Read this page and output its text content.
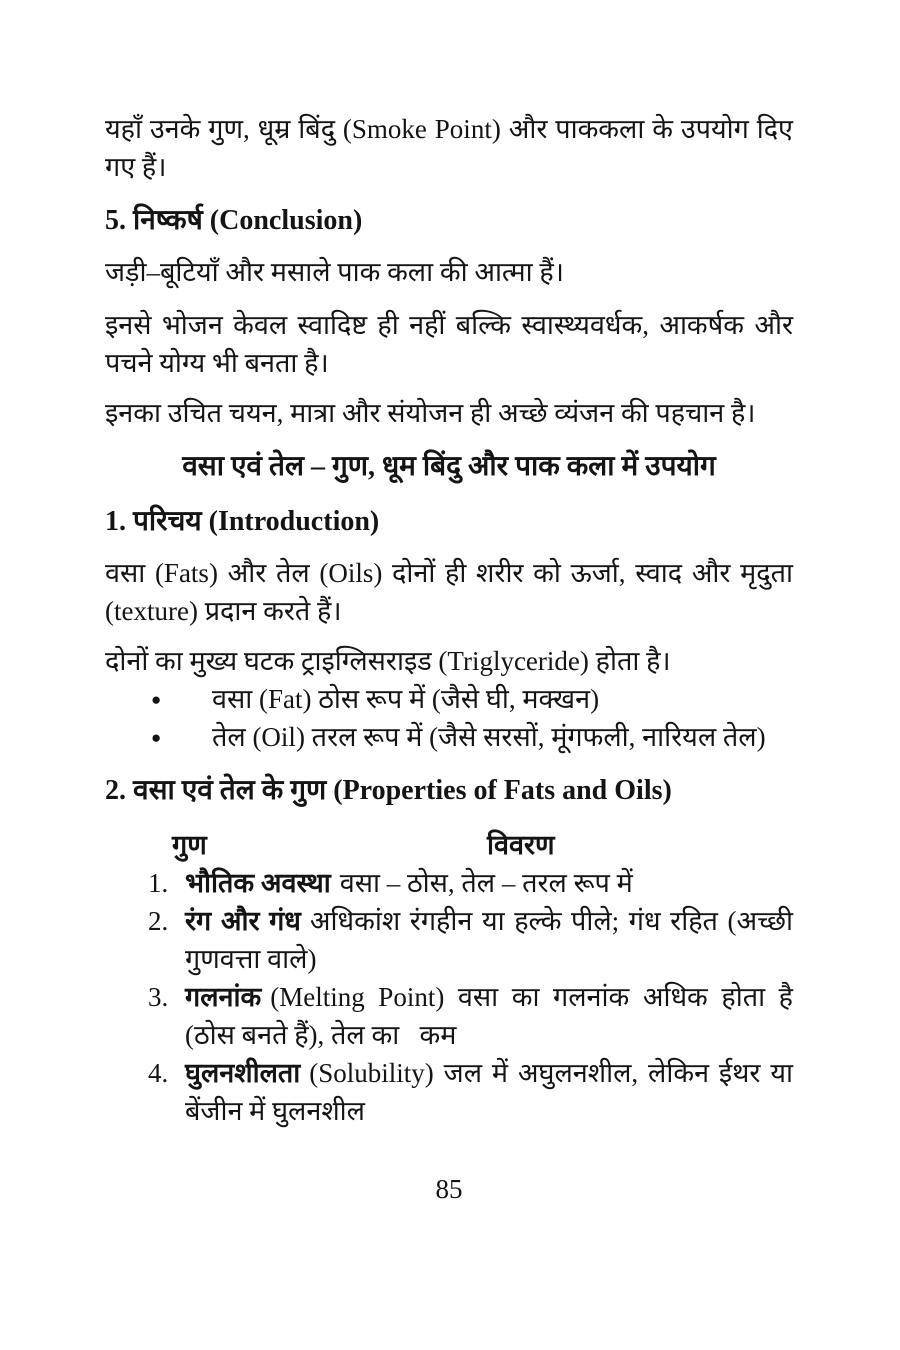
यहाँ उनके गुण, धूम्र बिंदु (Smoke Point) और पाककला के उपयोग दिए गए हैं।

5. निष्कर्ष (Conclusion)

जड़ी–बूटियाँ और मसाले पाक कला की आत्मा हैं।

इनसे भोजन केवल स्वादिष्ट ही नहीं बल्कि स्वास्थ्यवर्धक, आकर्षक और पचने योग्य भी बनता है।

इनका उचित चयन, मात्रा और संयोजन ही अच्छे व्यंजन की पहचान है।

वसा एवं तेल – गुण, धूम बिंदु और पाक कला में उपयोग
1. परिचय (Introduction)

वसा (Fats) और तेल (Oils) दोनों ही शरीर को ऊर्जा, स्वाद और मृदुता (texture) प्रदान करते हैं।

दोनों का मुख्य घटक ट्राइग्लिसराइड (Triglyceride) होता है।

● वसा (Fat) ठोस रूप में (जैसे घी, मक्खन)
● तेल (Oil) तरल रूप में (जैसे सरसों, मूंगफली, नारियल तेल)
2. वसा एवं तेल के गुण (Properties of Fats and Oils)
गुण	विवरण
1. भौतिक अवस्था वसा – ठोस, तेल – तरल रूप में
2. रंग और गंध अधिकांश रंगहीन या हल्के पीले; गंध रहित (अच्छी गुणवत्ता वाले)
3. गलनांक (Melting Point) वसा का गलनांक अधिक होता है (ठोस बनते हैं), तेल का   कम
4. घुलनशीलता (Solubility) जल में अघुलनशील, लेकिन ईथर या बेंजीन में घुलनशील
85
